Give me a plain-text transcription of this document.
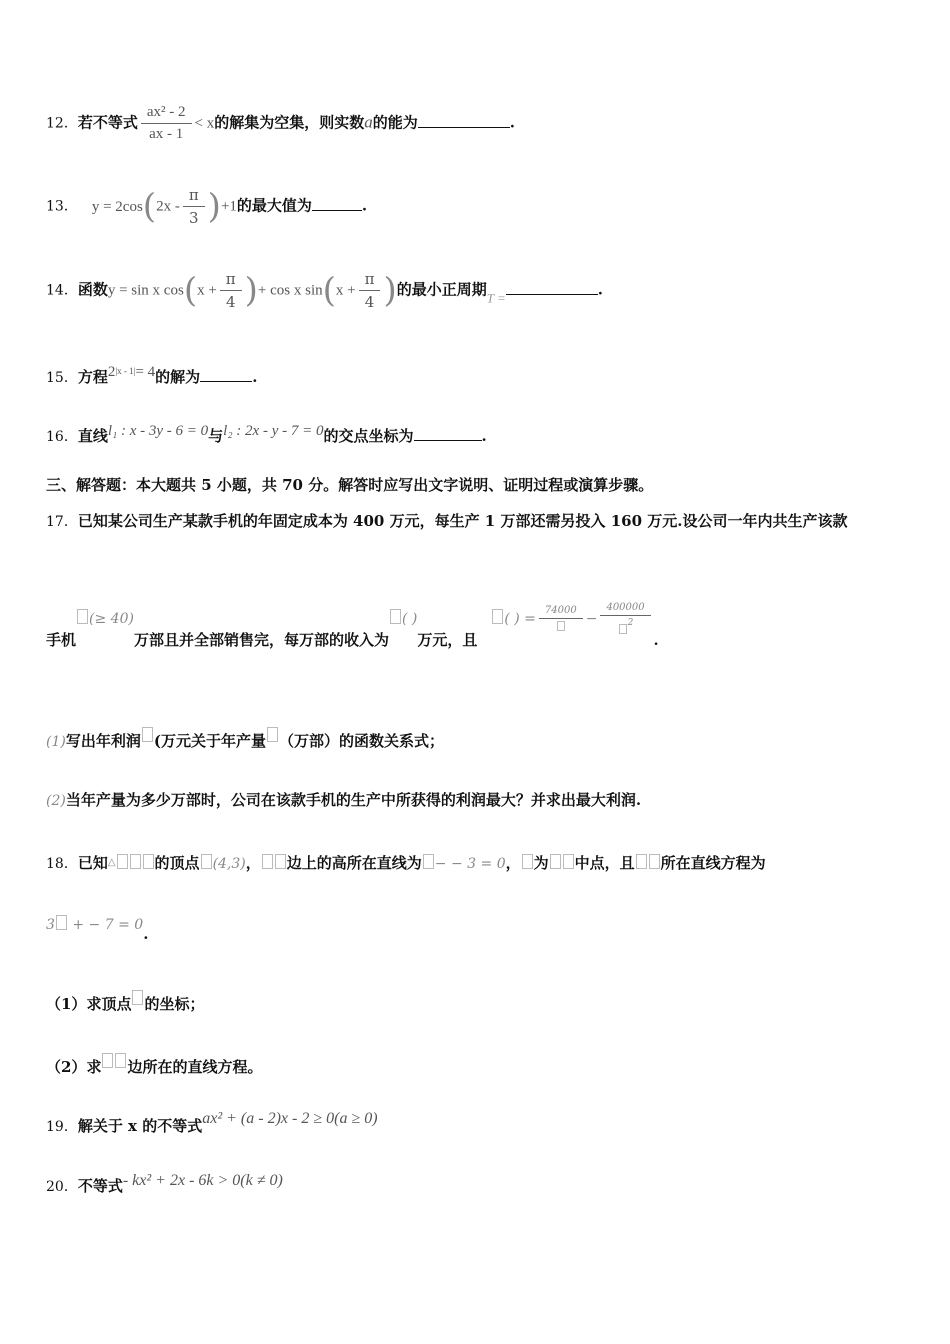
12．若不等式 $\frac{\text{ax² - 2}}{ax - 1} < x$的解集为空集，则实数a的能为	.
13． $y = 2\cos(2x - \frac{\pi}{3} )+1$的最大值为	.
14．函数y = sin x $\cos(x + \frac{\pi}{4}$ )+ cos x $\sin(x + \frac{\pi}{4}$ )的最小正周期T =	.
15．方程$2^{|x - 1|}= 4$的解为	.
16．直线l₁ : x - 3y - 6 = 0与l₂ : 2x - y - 7 = 0的交点坐标为	.
三、解答题：本大题共 5 小题，共 70 分。解答时应写出文字说明、证明过程或演算步骤。
17．已知某公司生产某款手机的年固定成本为 400 万元，每生产 1 万部还需另投入 160 万元.设公司一年内共生产该款
手机(≥ 40)万部且并全部销售完，每万部的收入为( )万元，且( ) =
74000
− $\frac{400000}{2}$
.
(1)写出年利润 (万元关于年产量 （万部）的函数关系式；
(2)当年产量为多少万部时，公司在该款手机的生产中所获得的利润最大？并求出最大利润.
18．已知△	的顶点 (4,3)， 边上的高所在直线为 − − 3 = 0， 为 中点，且 所在直线方程为
3 + − 7 = 0.
（1）求顶点 的坐标；
（2）求 边所在的直线方程。
19．解关于 x 的不等式ax² + (a - 2)x - 2 ≥ 0(a ≥ 0)
20．不等式- kx² + 2x - 6k > 0(k ≠ 0)
